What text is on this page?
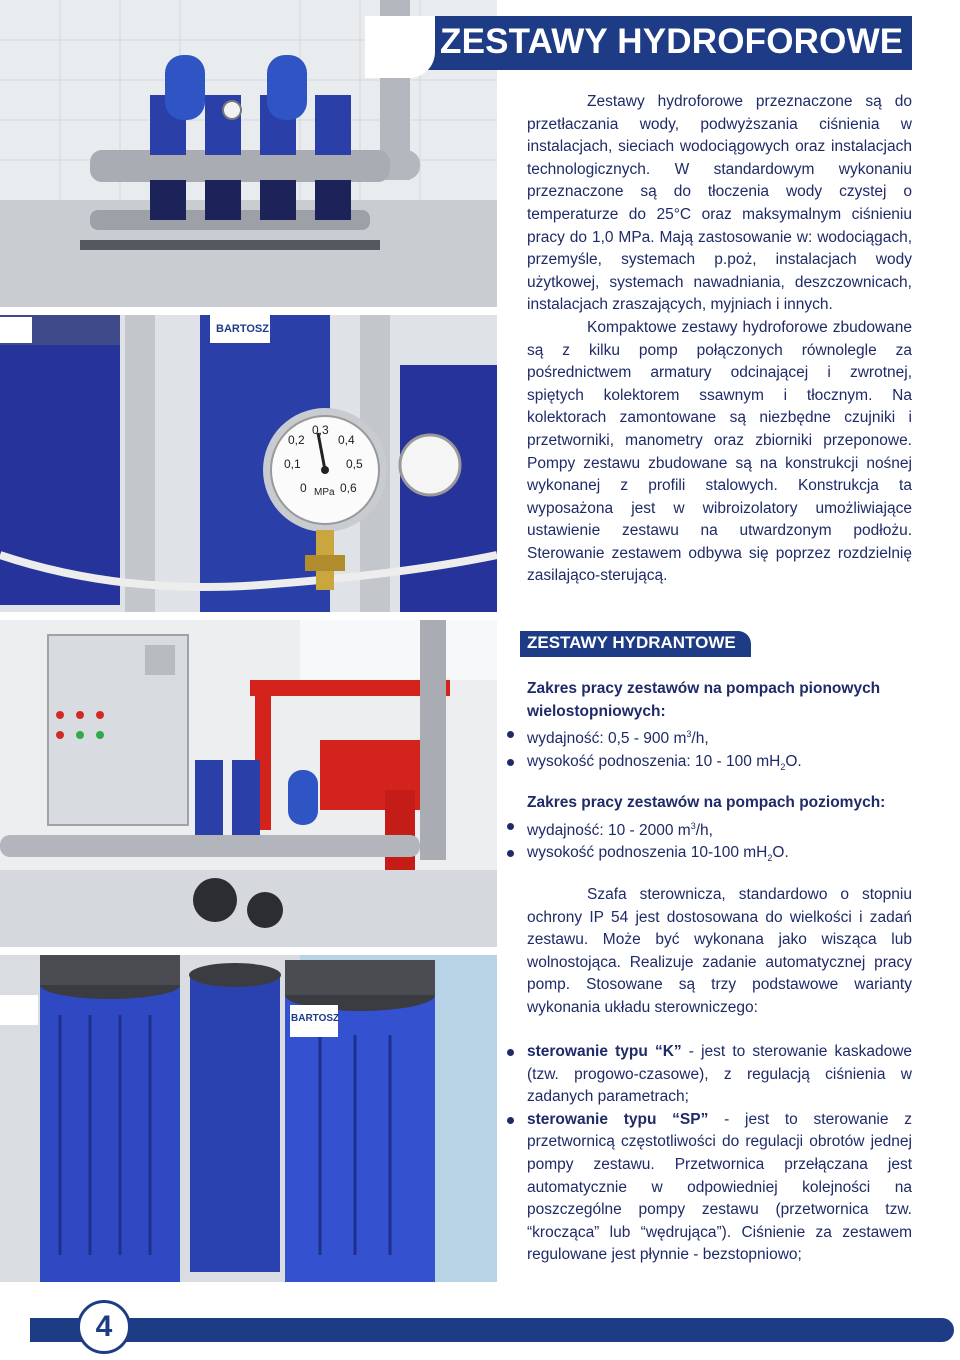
0
0,1
0,2
0,3
0,4
0,5
0,6
MPa
BARTOSZ
BARTOSZ
ZESTAWY HYDROFOROWE

Zestawy hydroforowe przeznaczone są do przetłaczania wody, podwyższania ciśnienia w instalacjach, sieciach wodociągowych oraz instalacjach technologicznych. W standardowym wykonaniu przeznaczone są do tłoczenia wody czystej o temperaturze do 25°C oraz maksymalnym ciśnieniu pracy do 1,0 MPa. Mają zastosowanie w: wodociągach, przemyśle, systemach p.poż, instalacjach wody użytkowej, systemach nawadniania, deszczownicach, instalacjach zraszających, myjniach i innych.

Kompaktowe zestawy hydroforowe zbudowane są z kilku pomp połączonych równolegle za pośrednictwem armatury odcinającej i zwrotnej, spiętych kolektorem ssawnym i tłocznym. Na kolektorach zamontowane są niezbędne czujniki i przetworniki, manometry oraz zbiorniki przeponowe. Pompy zestawu zbudowane są na konstrukcji nośnej wykonanej z profili stalowych. Konstrukcja ta wyposażona jest w wibroizolatory umożliwiające ustawienie zestawu na utwardzonym podłożu. Sterowanie zestawem odbywa się poprzez rozdzielnię zasilająco-sterującą.

ZESTAWY HYDRANTOWE
Zakres pracy zestawów na pompach pionowych wielostopniowych:
wydajność: 0,5 - 900 $m^3/h$,
wysokość podnoszenia: 10 - 100 $mH_2O$.
Zakres pracy zestawów na pompach poziomych:
wydajność: 10 - 2000 $m^3/h$,
wysokość podnoszenia 10-100 $mH_2O$.

Szafa sterownicza, standardowo o stopniu ochrony IP 54 jest dostosowana do wielkości i zadań zestawu. Może być wykonana jako wisząca lub wolnostojąca. Realizuje zadanie automatycznej pracy pomp. Stosowane są trzy podstawowe warianty wykonania układu sterowniczego:

sterowanie typu “K” - jest to sterowanie kaskadowe (tzw. progowo-czasowe), z regulacją ciśnienia w zadanych parametrach;
sterowanie typu “SP” - jest to sterowanie z przetwornicą częstotliwości do regulacji obrotów jednej pompy zestawu. Przetwornica przełączana jest automatycznie w odpowiedniej kolejności na poszczególne pompy zestawu (przetwornica tzw. “krocząca” lub “wędrująca”). Ciśnienie za zestawem regulowane jest płynnie - bezstopniowo;
4
